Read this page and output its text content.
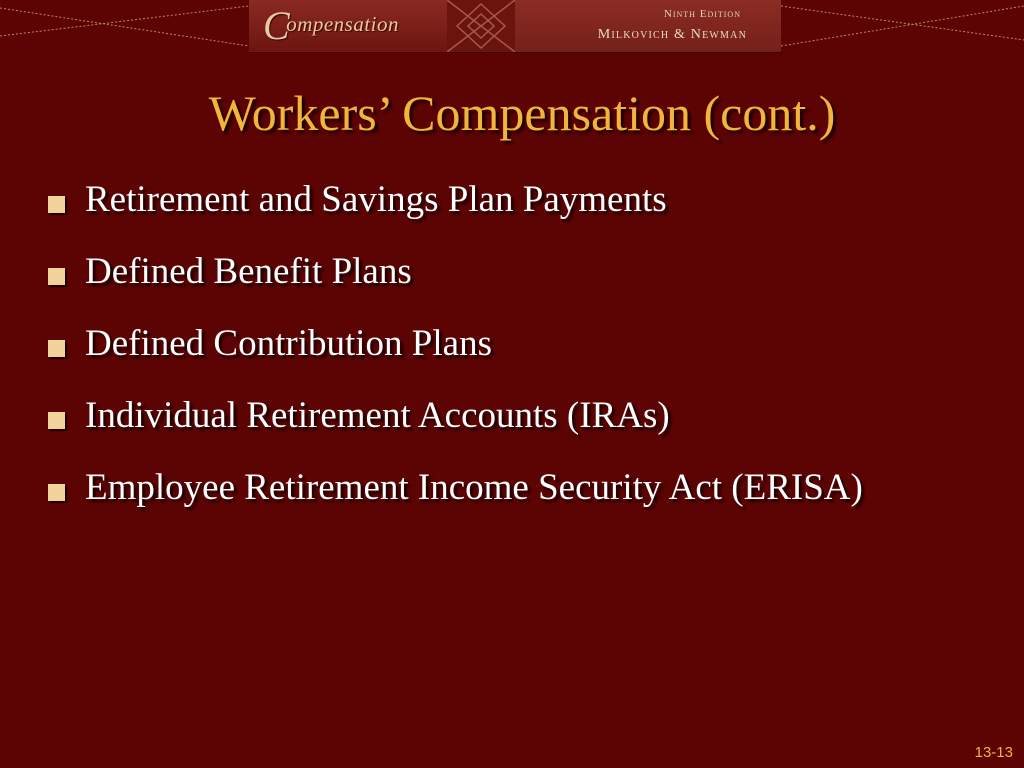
Compensation	Ninth Edition
Milkovich & Newman
Workers’ Compensation (cont.)
Retirement and Savings Plan Payments
Defined Benefit Plans
Defined Contribution Plans
Individual Retirement Accounts (IRAs)
Employee Retirement Income Security Act (ERISA)
13-13
